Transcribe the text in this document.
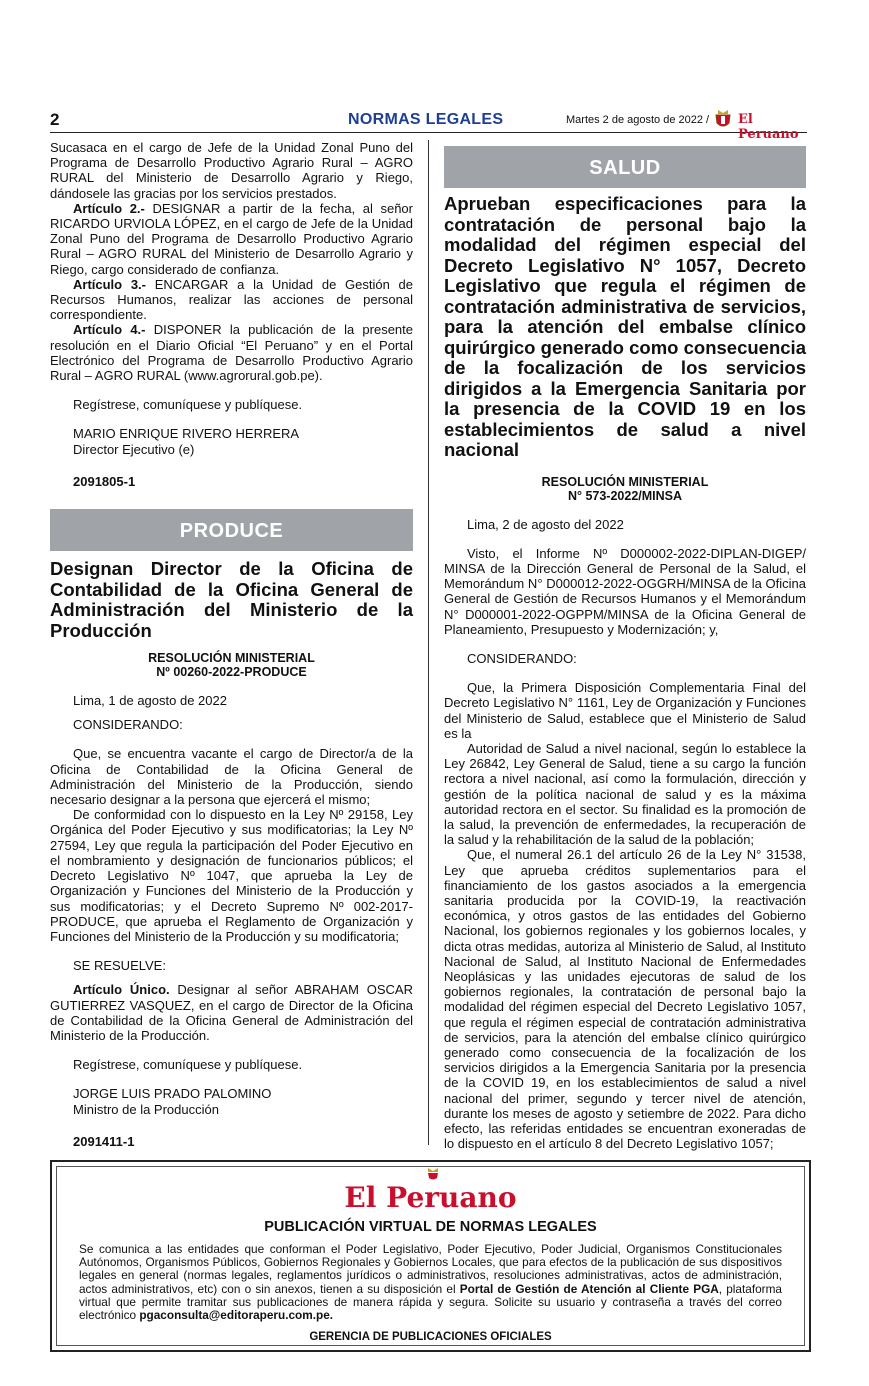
2	NORMAS LEGALES	Martes 2 de agosto de 2022 / El Peruano

Sucasaca en el cargo de Jefe de la Unidad Zonal Puno del Programa de Desarrollo Productivo Agrario Rural – AGRO RURAL del Ministerio de Desarrollo Agrario y Riego, dándosele las gracias por los servicios prestados.

Artículo 2.- DESIGNAR a partir de la fecha, al señor RICARDO URVIOLA LÓPEZ, en el cargo de Jefe de la Unidad Zonal Puno del Programa de Desarrollo Productivo Agrario Rural – AGRO RURAL del Ministerio de Desarrollo Agrario y Riego, cargo considerado de confianza.

Artículo 3.- ENCARGAR a la Unidad de Gestión de Recursos Humanos, realizar las acciones de personal correspondiente.

Artículo 4.- DISPONER la publicación de la presente resolución en el Diario Oficial “El Peruano” y en el Portal Electrónico del Programa de Desarrollo Productivo Agrario Rural – AGRO RURAL (www.agrorural.gob.pe).

Regístrese, comuníquese y publíquese.

MARIO ENRIQUE RIVERO HERRERA

Director Ejecutivo (e)

2091805-1

PRODUCE

Designan Director de la Oficina de Contabilidad de la Oficina General de Administración del Ministerio de la Producción

RESOLUCIÓN MINISTERIAL

Nº 00260-2022-PRODUCE

Lima, 1 de agosto de 2022

CONSIDERANDO:

Que, se encuentra vacante el cargo de Director/a de la Oficina de Contabilidad de la Oficina General de Administración del Ministerio de la Producción, siendo necesario designar a la persona que ejercerá el mismo;

De conformidad con lo dispuesto en la Ley Nº 29158, Ley Orgánica del Poder Ejecutivo y sus modificatorias; la Ley Nº 27594, Ley que regula la participación del Poder Ejecutivo en el nombramiento y designación de funcionarios públicos; el Decreto Legislativo Nº 1047, que aprueba la Ley de Organización y Funciones del Ministerio de la Producción y sus modificatorias; y el Decreto Supremo Nº 002-2017-PRODUCE, que aprueba el Reglamento de Organización y Funciones del Ministerio de la Producción y su modificatoria;

SE RESUELVE:

Artículo Único. Designar al señor ABRAHAM OSCAR GUTIERREZ VASQUEZ, en el cargo de Director de la Oficina de Contabilidad de la Oficina General de Administración del Ministerio de la Producción.

Regístrese, comuníquese y publíquese.

JORGE LUIS PRADO PALOMINO

Ministro de la Producción

2091411-1

SALUD

Aprueban especificaciones para la contratación de personal bajo la modalidad del régimen especial del Decreto Legislativo N° 1057, Decreto Legislativo que regula el régimen de contratación administrativa de servicios, para la atención del embalse clínico quirúrgico generado como consecuencia de la focalización de los servicios dirigidos a la Emergencia Sanitaria por la presencia de la COVID 19 en los establecimientos de salud a nivel nacional

RESOLUCIÓN MINISTERIAL

N° 573-2022/MINSA

Lima, 2 de agosto del 2022

Visto, el Informe Nº D000002-2022-DIPLAN-DIGEP/ MINSA de la Dirección General de Personal de la Salud, el Memorándum N° D000012-2022-OGGRH/MINSA de la Oficina General de Gestión de Recursos Humanos y el Memorándum N° D000001-2022-OGPPM/MINSA de la Oficina General de Planeamiento, Presupuesto y Modernización; y,

CONSIDERANDO:

Que, la Primera Disposición Complementaria Final del Decreto Legislativo N° 1161, Ley de Organización y Funciones del Ministerio de Salud, establece que el Ministerio de Salud es la

Autoridad de Salud a nivel nacional, según lo establece la Ley 26842, Ley General de Salud, tiene a su cargo la función rectora a nivel nacional, así como la formulación, dirección y gestión de la política nacional de salud y es la máxima autoridad rectora en el sector. Su finalidad es la promoción de la salud, la prevención de enfermedades, la recuperación de la salud y la rehabilitación de la salud de la población;

Que, el numeral 26.1 del artículo 26 de la Ley N° 31538, Ley que aprueba créditos suplementarios para el financiamiento de los gastos asociados a la emergencia sanitaria producida por la COVID-19, la reactivación económica, y otros gastos de las entidades del Gobierno Nacional, los gobiernos regionales y los gobiernos locales, y dicta otras medidas, autoriza al Ministerio de Salud, al Instituto Nacional de Salud, al Instituto Nacional de Enfermedades Neoplásicas y las unidades ejecutoras de salud de los gobiernos regionales, la contratación de personal bajo la modalidad del régimen especial del Decreto Legislativo 1057, que regula el régimen especial de contratación administrativa de servicios, para la atención del embalse clínico quirúrgico generado como consecuencia de la focalización de los servicios dirigidos a la Emergencia Sanitaria por la presencia de la COVID 19, en los establecimientos de salud a nivel nacional del primer, segundo y tercer nivel de atención, durante los meses de agosto y setiembre de 2022. Para dicho efecto, las referidas entidades se encuentran exoneradas de lo dispuesto en el artículo 8 del Decreto Legislativo 1057;

El Peruano
PUBLICACIÓN VIRTUAL DE NORMAS LEGALES
Se comunica a las entidades que conforman el Poder Legislativo, Poder Ejecutivo, Poder Judicial, Organismos Constitucionales Autónomos, Organismos Públicos, Gobiernos Regionales y Gobiernos Locales, que para efectos de la publicación de sus dispositivos legales en general (normas legales, reglamentos jurídicos o administrativos, resoluciones administrativas, actos de administración, actos administrativos, etc) con o sin anexos, tienen a su disposición el Portal de Gestión de Atención al Cliente PGA, plataforma virtual que permite tramitar sus publicaciones de manera rápida y segura. Solicite su usuario y contraseña a través del correo electrónico pgaconsulta@editoraperu.com.pe.
GERENCIA DE PUBLICACIONES OFICIALES
